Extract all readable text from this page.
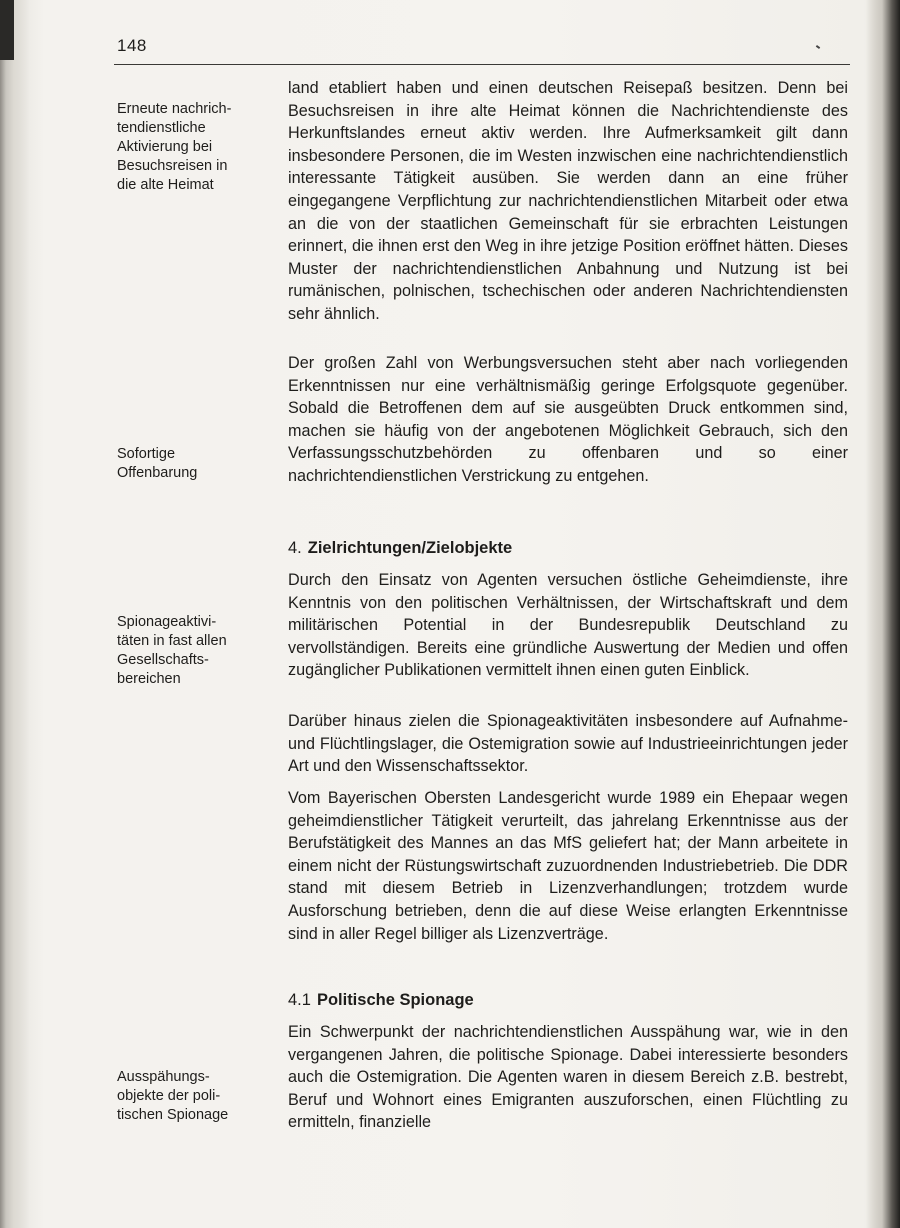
148
Erneute nachrich-
tendienstliche
Aktivierung bei
Besuchsreisen in
die alte Heimat
Sofortige
Offenbarung
Spionageaktivi-
täten in fast allen
Gesellschafts-
bereichen
Ausspähungs-
objekte der poli-
tischen Spionage

land etabliert haben und einen deutschen Reisepaß besitzen. Denn bei Besuchsreisen in ihre alte Heimat können die Nachrichtendienste des Herkunftslandes erneut aktiv werden. Ihre Aufmerksamkeit gilt dann insbesondere Personen, die im Westen inzwischen eine nachrichtendienstlich interessante Tätigkeit ausüben. Sie werden dann an eine früher eingegangene Verpflichtung zur nachrichtendienstlichen Mitarbeit oder etwa an die von der staatlichen Gemeinschaft für sie erbrachten Leistungen erinnert, die ihnen erst den Weg in ihre jetzige Position eröffnet hätten. Dieses Muster der nachrichtendienstlichen Anbahnung und Nutzung ist bei rumänischen, polnischen, tschechischen oder anderen Nachrichtendiensten sehr ähnlich.

Der großen Zahl von Werbungsversuchen steht aber nach vorliegenden Erkenntnissen nur eine verhältnismäßig geringe Erfolgsquote gegenüber. Sobald die Betroffenen dem auf sie ausgeübten Druck entkommen sind, machen sie häufig von der angebotenen Möglichkeit Gebrauch, sich den Verfassungsschutzbehörden zu offenbaren und so einer nachrichtendienstlichen Verstrickung zu entgehen.

4. Zielrichtungen/Zielobjekte

Durch den Einsatz von Agenten versuchen östliche Geheimdienste, ihre Kenntnis von den politischen Verhältnissen, der Wirtschaftskraft und dem militärischen Potential in der Bundesrepublik Deutschland zu vervollständigen. Bereits eine gründliche Auswertung der Medien und offen zugänglicher Publikationen vermittelt ihnen einen guten Einblick.

Darüber hinaus zielen die Spionageaktivitäten insbesondere auf Aufnahme- und Flüchtlingslager, die Ostemigration sowie auf Industrieeinrichtungen jeder Art und den Wissenschaftssektor.

Vom Bayerischen Obersten Landesgericht wurde 1989 ein Ehepaar wegen geheimdienstlicher Tätigkeit verurteilt, das jahrelang Erkenntnisse aus der Berufstätigkeit des Mannes an das MfS geliefert hat; der Mann arbeitete in einem nicht der Rüstungswirtschaft zuzuordnenden Industriebetrieb. Die DDR stand mit diesem Betrieb in Lizenzverhandlungen; trotzdem wurde Ausforschung betrieben, denn die auf diese Weise erlangten Erkenntnisse sind in aller Regel billiger als Lizenzverträge.

4.1 Politische Spionage

Ein Schwerpunkt der nachrichtendienstlichen Ausspähung war, wie in den vergangenen Jahren, die politische Spionage. Dabei interessierte besonders auch die Ostemigration. Die Agenten waren in diesem Bereich z.B. bestrebt, Beruf und Wohnort eines Emigranten auszuforschen, einen Flüchtling zu ermitteln, finanzielle
